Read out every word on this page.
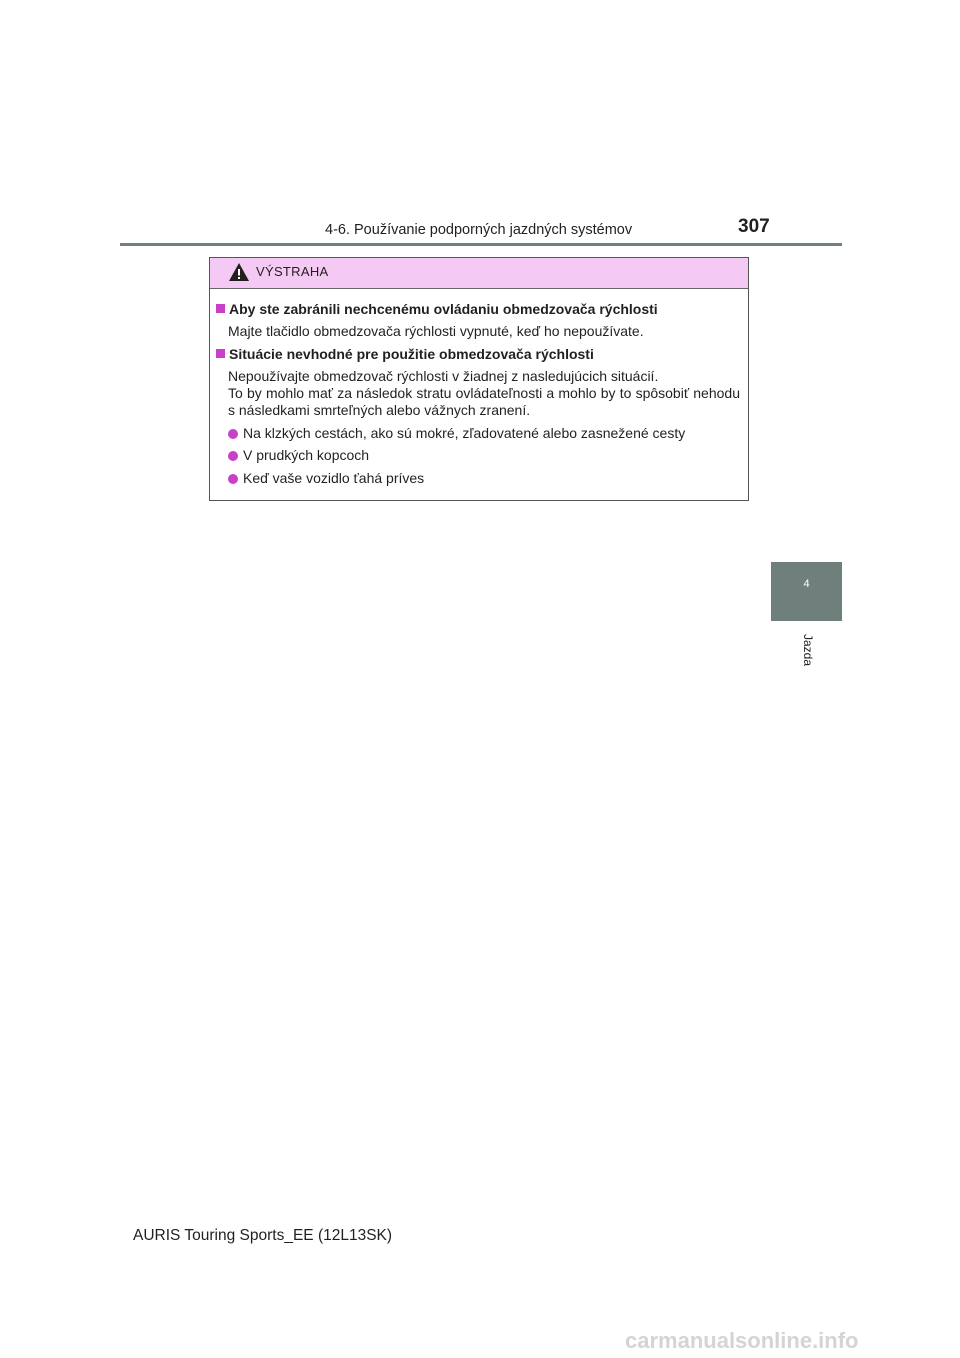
4-6. Používanie podporných jazdných systémov	307
4
Jazda
VÝSTRAHA
Aby ste zabránili nechcenému ovládaniu obmedzovača rýchlosti
Majte tlačidlo obmedzovača rýchlosti vypnuté, keď ho nepoužívate.
Situácie nevhodné pre použitie obmedzovača rýchlosti
Nepoužívajte obmedzovač rýchlosti v žiadnej z nasledujúcich situácií.
To by mohlo mať za následok stratu ovládateľnosti a mohlo by to spôsobiť nehodu s následkami smrteľných alebo vážnych zranení.
Na klzkých cestách, ako sú mokré, zľadovatené alebo zasnežené cesty
V prudkých kopcoch
Keď vaše vozidlo ťahá príves
AURIS Touring Sports_EE (12L13SK)
carmanualsonline.info
